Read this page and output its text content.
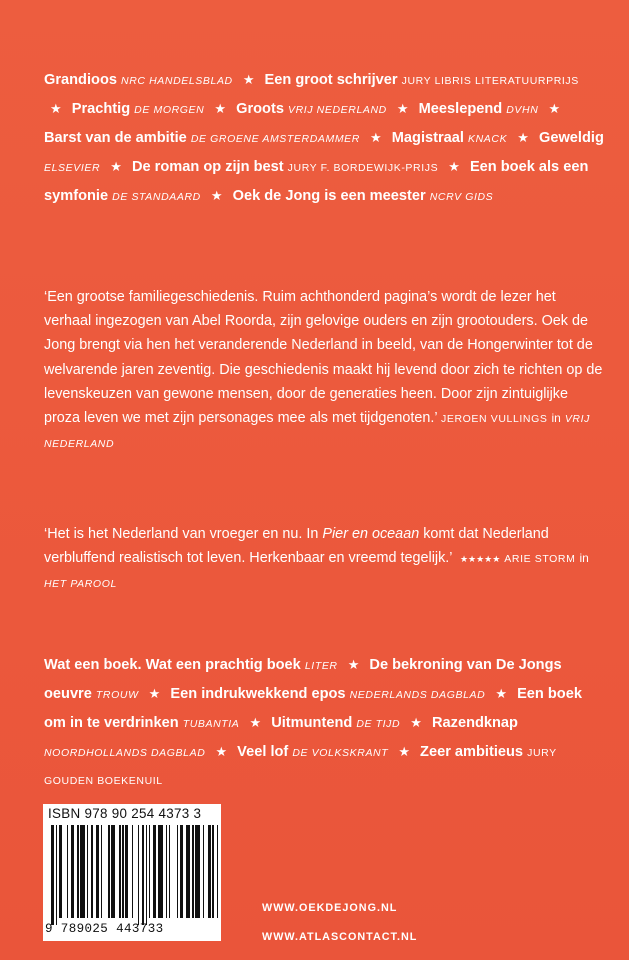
Grandioos NRC HANDELSBLAD ★ Een groot schrijver JURY LIBRIS LITERATUURPRIJS ★ Prachtig DE MORGEN ★ Groots VRIJ NEDERLAND ★ Meeslepend DVHN ★ Barst van de ambitie DE GROENE AMSTERDAMMER ★ Magistraal KNACK ★ Geweldig ELSEVIER ★ De roman op zijn best JURY F. BORDEWIJK-PRIJS ★ Een boek als een symfonie DE STANDAARD ★ Oek de Jong is een meester NCRV GIDS
‘Een grootse familiegeschiedenis. Ruim achthonderd pagina’s wordt de lezer het verhaal ingezogen van Abel Roorda, zijn gelovige ouders en zijn grootouders. Oek de Jong brengt via hen het veranderende Nederland in beeld, van de Hongerwinter tot de welvarende jaren zeventig. Die geschiedenis maakt hij levend door zich te richten op de levenskeuzen van gewone mensen, door de generaties heen. Door zijn zintuiglijke proza leven we met zijn personages mee als met tijdgenoten.’ JEROEN VULLINGS in VRIJ NEDERLAND
‘Het is het Nederland van vroeger en nu. In Pier en oceaan komt dat Nederland verbluffend realistisch tot leven. Herkenbaar en vreemd tegelijk.’ ★★★★★ ARIE STORM in HET PAROOL
Wat een boek. Wat een prachtig boek LITER ★ De bekroning van De Jongs oeuvre TROUW ★ Een indrukwekkend epos NEDERLANDS DAGBLAD ★ Een boek om in te verdrinken TUBANTIA ★ Uitmuntend DE TIJD ★ Razendknap NOORDHOLLANDS DAGBLAD ★ Veel lof DE VOLKSKRANT ★ Zeer ambitieus JURY GOUDEN BOEKENUIL
ISBN 978 90 254 4373 3
9 789025 443733
WWW.OEKDEJONG.NL
WWW.ATLASCONTACT.NL
